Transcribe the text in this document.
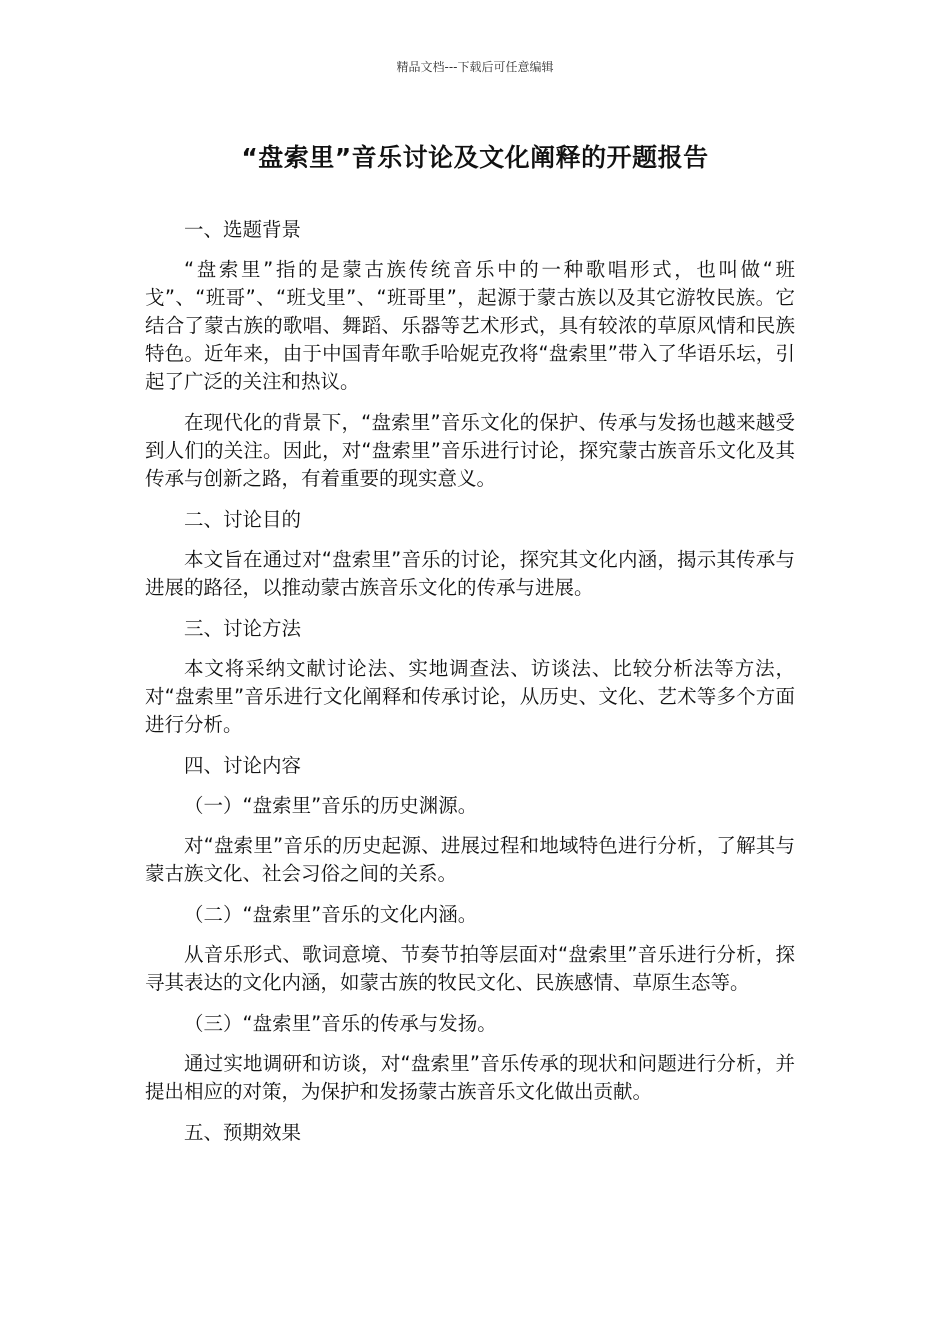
精品文档---下载后可任意编辑
“盘索里”音乐讨论及文化阐释的开题报告

一、选题背景

“盘索里”指的是蒙古族传统音乐中的一种歌唱形式，也叫做“班戈”、“班哥”、“班戈里”、“班哥里”，起源于蒙古族以及其它游牧民族。它结合了蒙古族的歌唱、舞蹈、乐器等艺术形式，具有较浓的草原风情和民族特色。近年来，由于中国青年歌手哈妮克孜将“盘索里”带入了华语乐坛，引起了广泛的关注和热议。

在现代化的背景下，“盘索里”音乐文化的保护、传承与发扬也越来越受到人们的关注。因此，对“盘索里”音乐进行讨论，探究蒙古族音乐文化及其传承与创新之路，有着重要的现实意义。

二、讨论目的

本文旨在通过对“盘索里”音乐的讨论，探究其文化内涵，揭示其传承与进展的路径，以推动蒙古族音乐文化的传承与进展。

三、讨论方法

本文将采纳文献讨论法、实地调查法、访谈法、比较分析法等方法，对“盘索里”音乐进行文化阐释和传承讨论，从历史、文化、艺术等多个方面进行分析。

四、讨论内容

（一）“盘索里”音乐的历史渊源。

对“盘索里”音乐的历史起源、进展过程和地域特色进行分析，了解其与蒙古族文化、社会习俗之间的关系。

（二）“盘索里”音乐的文化内涵。

从音乐形式、歌词意境、节奏节拍等层面对“盘索里”音乐进行分析，探寻其表达的文化内涵，如蒙古族的牧民文化、民族感情、草原生态等。

（三）“盘索里”音乐的传承与发扬。

通过实地调研和访谈，对“盘索里”音乐传承的现状和问题进行分析，并提出相应的对策，为保护和发扬蒙古族音乐文化做出贡献。

五、预期效果
